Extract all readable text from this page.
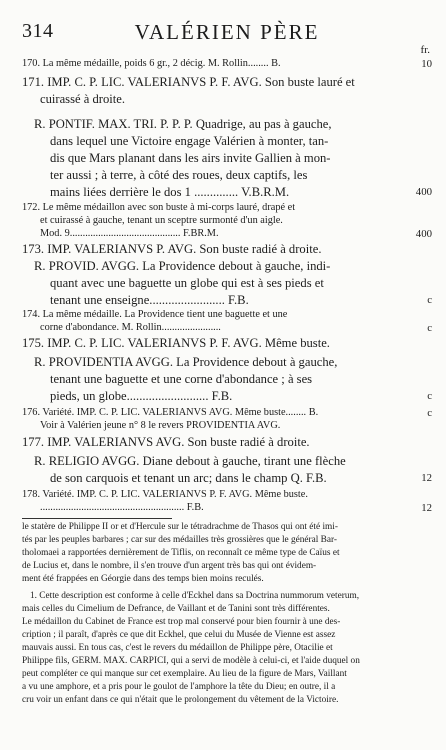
314	VALÉRIEN PÈRE
fr.
170. La même médaille, poids 6 gr., 2 décig. M. Rollin........ B.	10
171. IMP. C. P. LIC. VALERIANVS P. F. AVG. Son buste lauré et
cuirassé à droite.
R. PONTIF. MAX. TRI. P. P. P. Quadrige, au pas à gauche,
dans lequel une Victoire engage Valérien à monter, tan-
dis que Mars planant dans les airs invite Gallien à mon-
ter aussi ; à terre, à côté des roues, deux captifs, les
mains liées derrière le dos 1 .............. V.B.R.M.	400
172. Le même médaillon avec son buste à mi-corps lauré, drapé et
et cuirassé à gauche, tenant un sceptre surmonté d'un aigle.
Mod. 9........................................... F.BR.M.	400
173. IMP. VALERIANVS P. AVG. Son buste radié à droite.
R. PROVID. AVGG. La Providence debout à gauche, indi-
quant avec une baguette un globe qui est à ses pieds et
tenant une enseigne........................ F.B.	c
174. La même médaille. La Providence tient une baguette et une
corne d'abondance. M. Rollin.......................	c
175. IMP. C. P. LIC. VALERIANVS P. F. AVG. Même buste.
R. PROVIDENTIA AVGG. La Providence debout à gauche,
tenant une baguette et une corne d'abondance ; à ses
pieds, un globe.......................... F.B.	c
176. Variété. IMP. C. P. LIC. VALERIANVS AVG. Même buste........ B.	c
Voir à Valérien jeune n° 8 le revers PROVIDENTIA AVG.
177. IMP. VALERIANVS AVG. Son buste radié à droite.
R. RELIGIO AVGG. Diane debout à gauche, tirant une flèche
de son carquois et tenant un arc; dans le champ Q. F.B.	12
178. Variété. IMP. C. P. LIC. VALERIANVS P. F. AVG. Même buste.
........................................................ F.B.	12
le statère de Philippe II or et d'Hercule sur le tétradrachme de Thasos qui ont été imi-
tés par les peuples barbares ; car sur des médailles très grossières que le général Bar-
tholomaei a rapportées dernièrement de Tiflis, on reconnaît ce même type de Caïus et
de Lucius et, dans le nombre, il s'en trouve d'un argent très bas qui ont évidem-
ment été frappées en Géorgie dans des temps bien moins reculés.
1. Cette description est conforme à celle d'Eckhel dans sa Doctrina nummorum veterum,
mais celles du Cimelium de Defrance, de Vaillant et de Tanini sont très différentes.
Le médaillon du Cabinet de France est trop mal conservé pour bien fournir à une des-
cription ; il paraît, d'après ce que dit Eckhel, que celui du Musée de Vienne est assez
mauvais aussi. En tous cas, c'est le revers du médaillon de Philippe père, Otacilie et
Philippe fils, GERM. MAX. CARPICI, qui a servi de modèle à celui-ci, et l'aide duquel on
peut compléter ce qui manque sur cet exemplaire. Au lieu de la figure de Mars, Vaillant
a vu une amphore, et a pris pour le goulot de l'amphore la tête du Dieu; en outre, il a
cru voir un enfant dans ce qui n'était que le prolongement du vêtement de la Victoire.
